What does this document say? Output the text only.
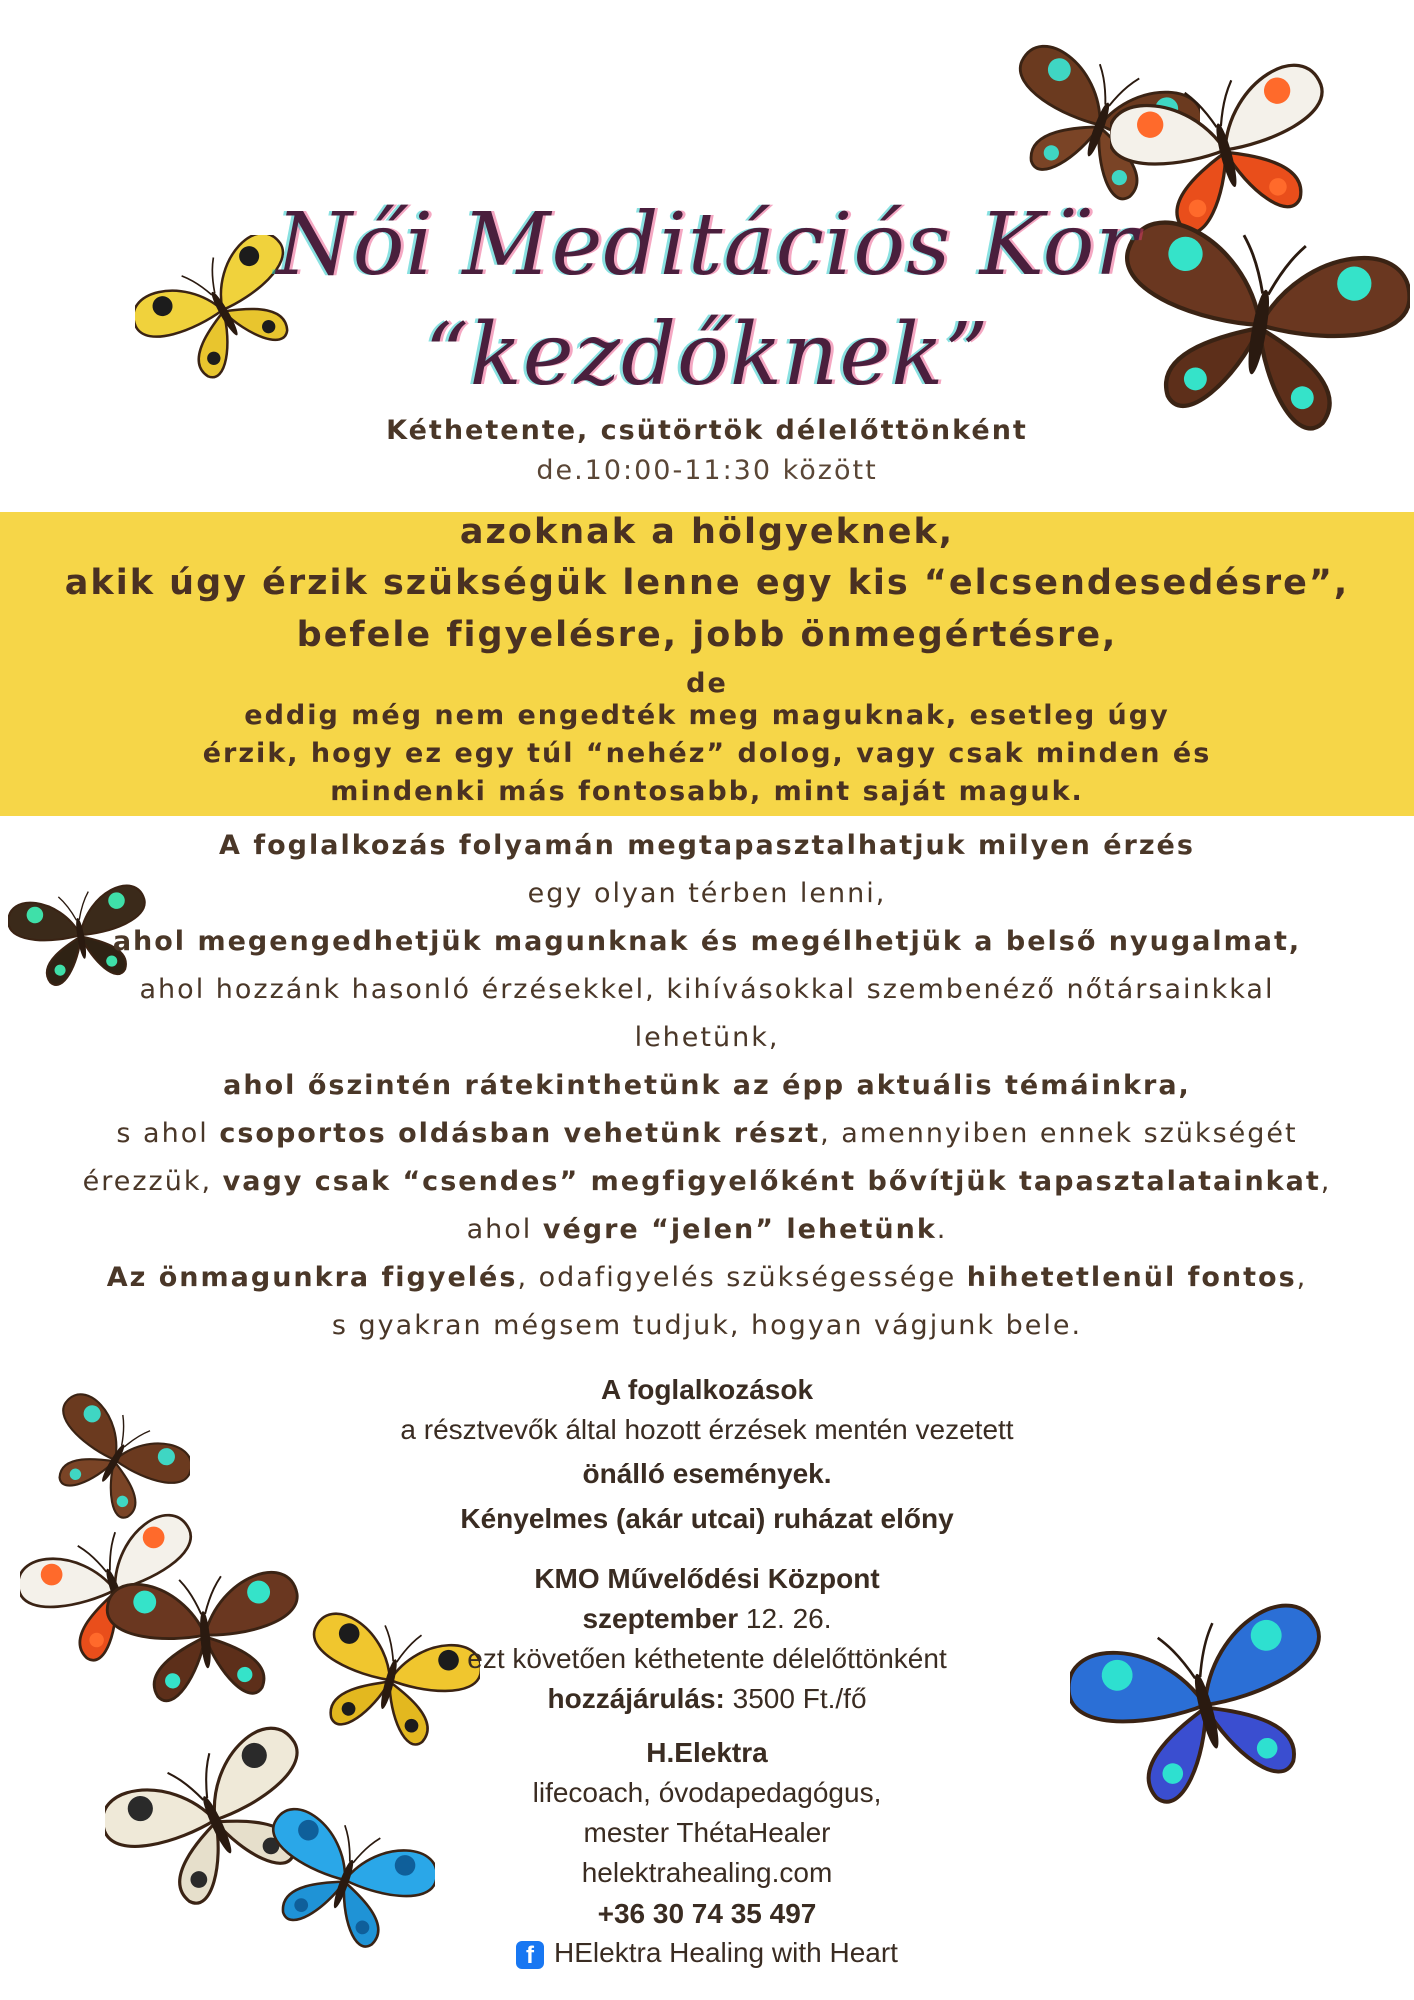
Női Meditációs Kör
“kezdőknek”
Kéthetente, csütörtök délelőttönként
de.10:00-11:30 között
azoknak a hölgyeknek,
akik úgy érzik szükségük lenne egy kis “elcsendesedésre”,
befele figyelésre, jobb önmegértésre,
de
eddig még nem engedték meg maguknak, esetleg úgy
érzik, hogy ez egy túl “nehéz” dolog, vagy csak minden és
mindenki más fontosabb, mint saját maguk.
A foglalkozás folyamán megtapasztalhatjuk milyen érzés
egy olyan térben lenni,
ahol megengedhetjük magunknak és megélhetjük a belső nyugalmat,
ahol hozzánk hasonló érzésekkel, kihívásokkal szembenéző nőtársainkkal
lehetünk,
ahol őszintén rátekinthetünk az épp aktuális témáinkra,
s ahol csoportos oldásban vehetünk részt, amennyiben ennek szükségét
érezzük, vagy csak “csendes” megfigyelőként bővítjük tapasztalatainkat,
ahol végre “jelen” lehetünk.
Az önmagunkra figyelés, odafigyelés szükségessége hihetetlenül fontos,
s gyakran mégsem tudjuk, hogyan vágjunk bele.
A foglalkozások
a résztvevők által hozott érzések mentén vezetett
önálló események.
Kényelmes (akár utcai) ruházat előny
KMO Művelődési Központ
szeptember 12. 26.
ezt követően kéthetente délelőttönként
hozzájárulás: 3500 Ft./fő
H.Elektra
lifecoach, óvodapedagógus,
mester ThétaHealer
helektrahealing.com
+36 30 74 35 497
f HElektra Healing with Heart
